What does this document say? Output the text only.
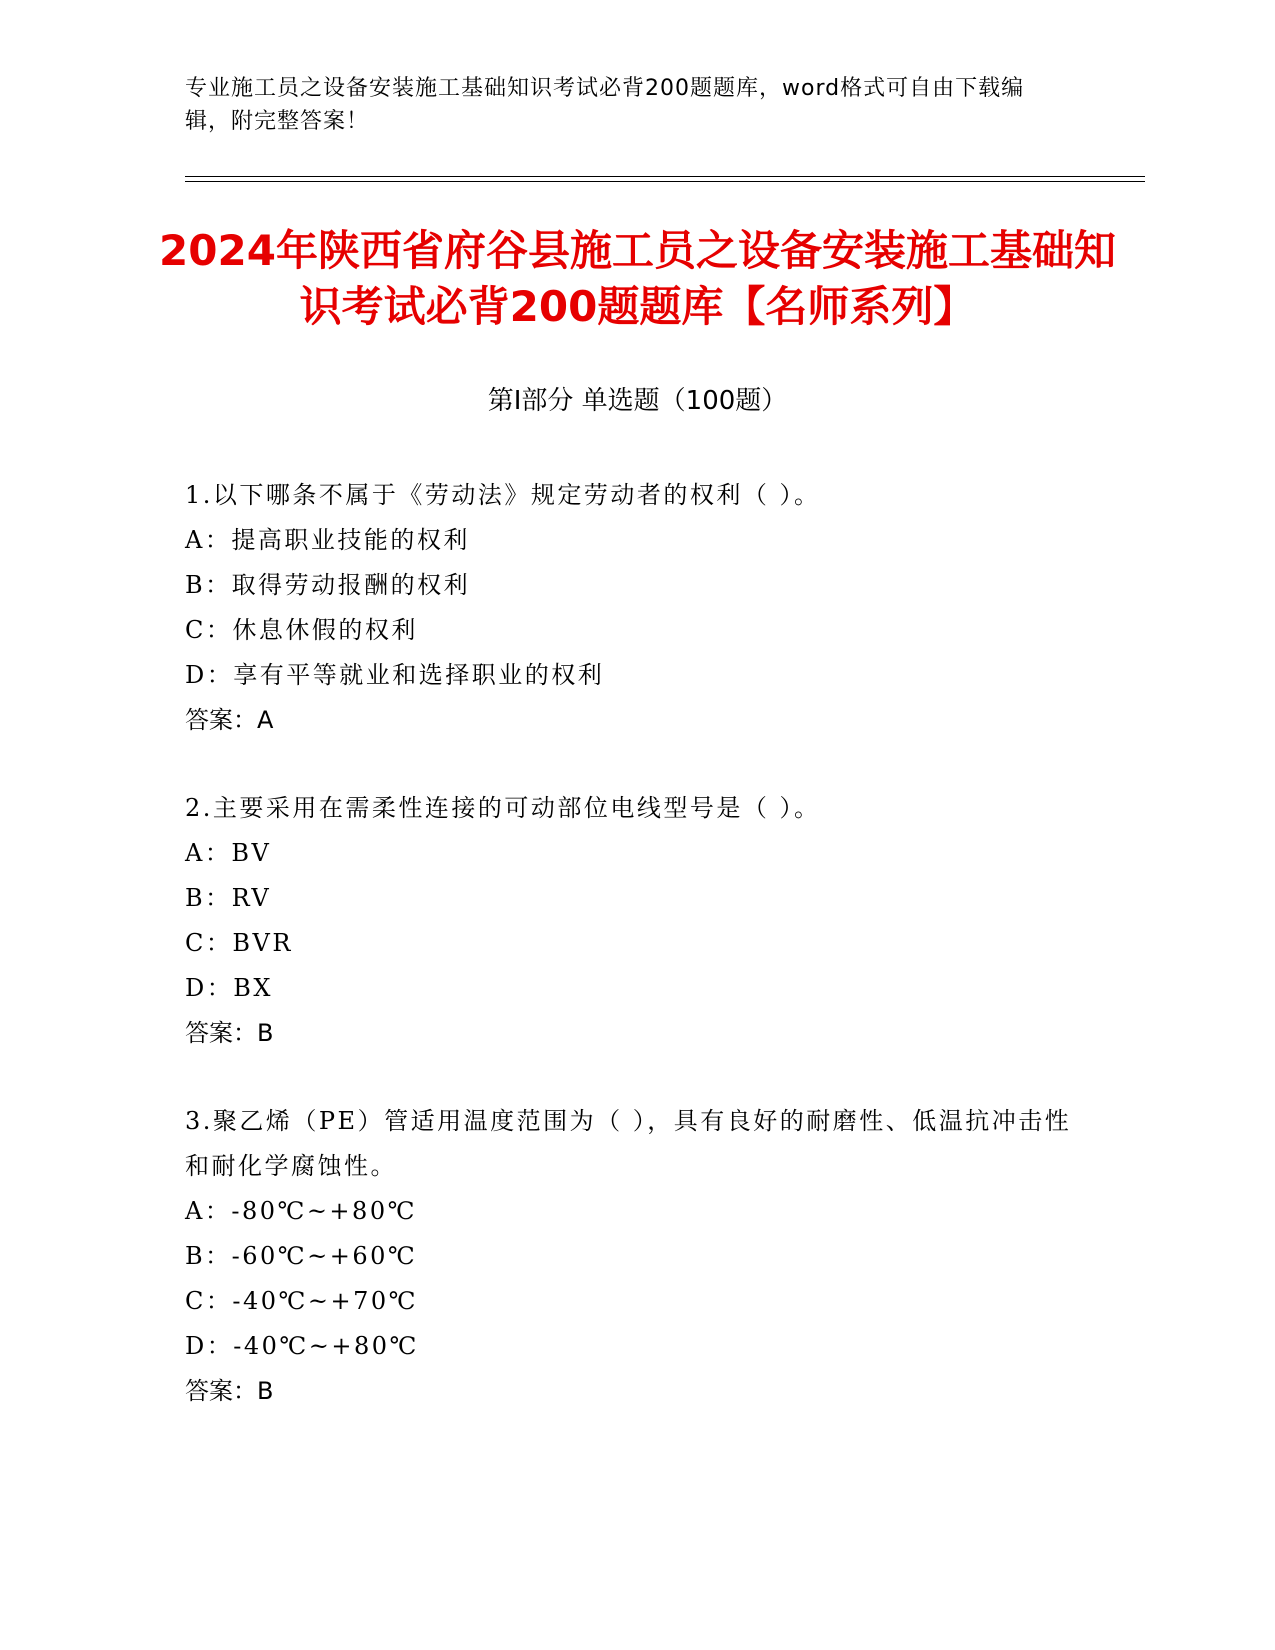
专业施工员之设备安装施工基础知识考试必背200题题库，word格式可自由下载编辑，附完整答案！
2024年陕西省府谷县施工员之设备安装施工基础知识考试必背200题题库【名师系列】
第I部分 单选题（100题）

1.以下哪条不属于《劳动法》规定劳动者的权利（ ）。

A：提高职业技能的权利

B：取得劳动报酬的权利

C：休息休假的权利

D：享有平等就业和选择职业的权利

答案：A

2.主要采用在需柔性连接的可动部位电线型号是（ ）。

A：BV

B：RV

C：BVR

D：BX

答案：B

3.聚乙烯（PE）管适用温度范围为（ ），具有良好的耐磨性、低温抗冲击性和耐化学腐蚀性。

A：-80℃~+80℃

B：-60℃~+60℃

C：-40℃~+70℃

D：-40℃~+80℃

答案：B
